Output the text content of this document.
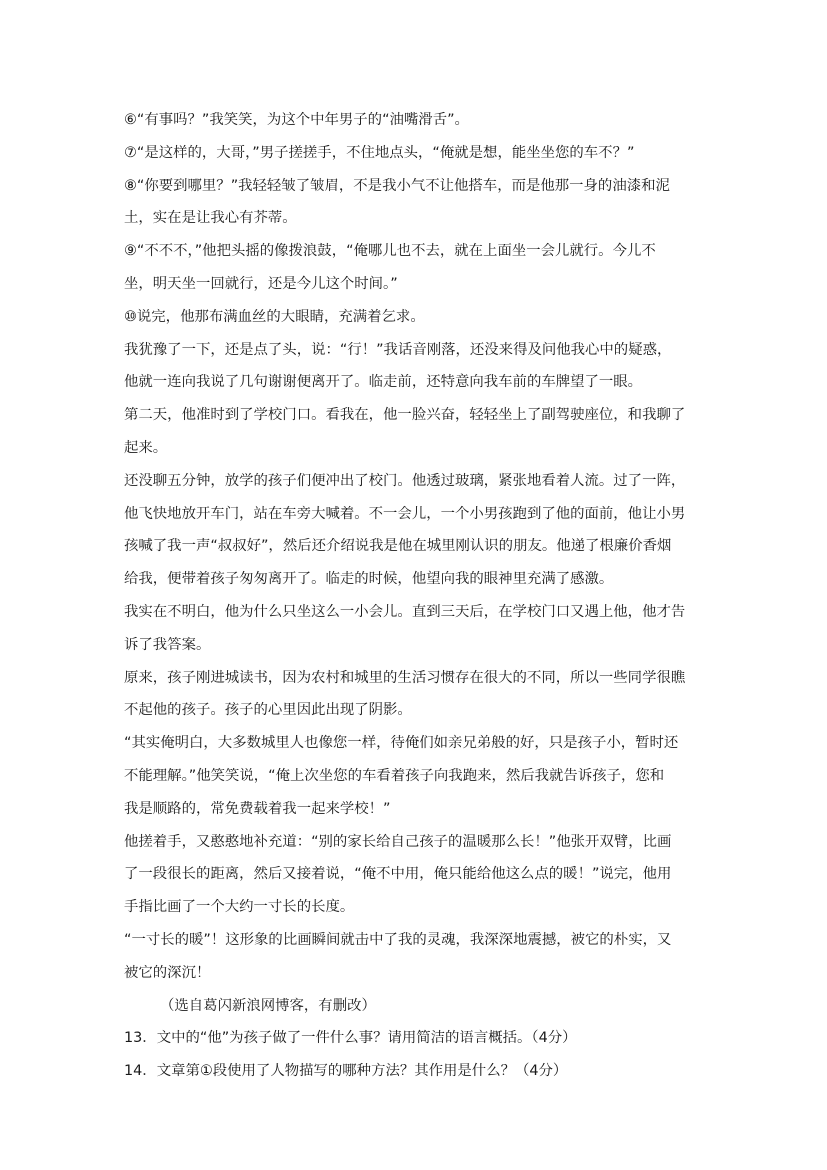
⑥“有事吗？”我笑笑，为这个中年男子的“油嘴滑舌”。
⑦“是这样的，大哥，”男子搓搓手，不住地点头，“俺就是想，能坐坐您的车不？”
⑧“你要到哪里？”我轻轻皱了皱眉，不是我小气不让他搭车，而是他那一身的油漆和泥
土，实在是让我心有芥蒂。
⑨“不不不，”他把头摇的像拨浪鼓，“俺哪儿也不去，就在上面坐一会儿就行。今儿不
坐，明天坐一回就行，还是今儿这个时间。”
⑩说完，他那布满血丝的大眼睛，充满着乞求。
我犹豫了一下，还是点了头，说：“行！”我话音刚落，还没来得及问他我心中的疑惑，
他就一连向我说了几句谢谢便离开了。临走前，还特意向我车前的车牌望了一眼。
第二天，他准时到了学校门口。看我在，他一脸兴奋，轻轻坐上了副驾驶座位，和我聊了
起来。
还没聊五分钟，放学的孩子们便冲出了校门。他透过玻璃，紧张地看着人流。过了一阵，
他飞快地放开车门，站在车旁大喊着。不一会儿，一个小男孩跑到了他的面前，他让小男
孩喊了我一声“叔叔好”，然后还介绍说我是他在城里刚认识的朋友。他递了根廉价香烟
给我，便带着孩子匆匆离开了。临走的时候，他望向我的眼神里充满了感激。
我实在不明白，他为什么只坐这么一小会儿。直到三天后，在学校门口又遇上他，他才告
诉了我答案。
原来，孩子刚进城读书，因为农村和城里的生活习惯存在很大的不同，所以一些同学很瞧
不起他的孩子。孩子的心里因此出现了阴影。
“其实俺明白，大多数城里人也像您一样，待俺们如亲兄弟般的好，只是孩子小，暂时还
不能理解。”他笑笑说，“俺上次坐您的车看着孩子向我跑来，然后我就告诉孩子，您和
我是顺路的，常免费载着我一起来学校！”
他搓着手，又憨憨地补充道：“别的家长给自己孩子的温暖那么长！”他张开双臂，比画
了一段很长的距离，然后又接着说，“俺不中用，俺只能给他这么点的暖！”说完，他用
手指比画了一个大约一寸长的长度。
“一寸长的暖”！这形象的比画瞬间就击中了我的灵魂，我深深地震撼，被它的朴实，又
被它的深沉！
（选自葛闪新浪网博客，有删改）
13．文中的“他”为孩子做了一件什么事？请用简洁的语言概括。（4分）
14．文章第①段使用了人物描写的哪种方法？其作用是什么？（4分）
